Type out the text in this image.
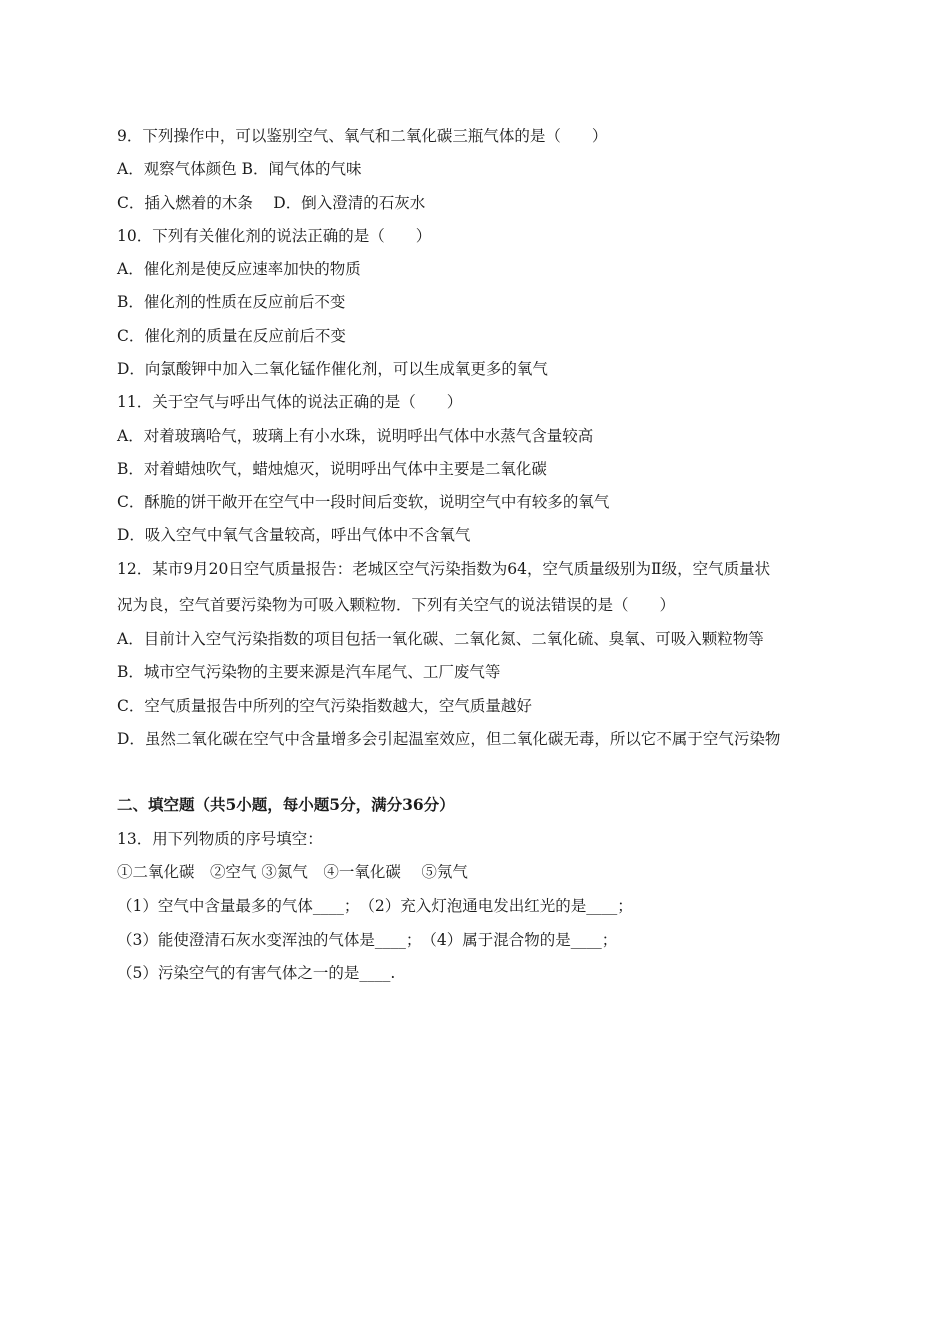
9．下列操作中，可以鉴别空气、氧气和二氧化碳三瓶气体的是（　　）
A．观察气体颜色 B．闻气体的气味
C．插入燃着的木条　 D．倒入澄清的石灰水
10．下列有关催化剂的说法正确的是（　　）
A．催化剂是使反应速率加快的物质
B．催化剂的性质在反应前后不变
C．催化剂的质量在反应前后不变
D．向氯酸钾中加入二氧化锰作催化剂，可以生成氧更多的氧气
11．关于空气与呼出气体的说法正确的是（　　）
A．对着玻璃哈气，玻璃上有小水珠，说明呼出气体中水蒸气含量较高
B．对着蜡烛吹气，蜡烛熄灭，说明呼出气体中主要是二氧化碳
C．酥脆的饼干敞开在空气中一段时间后变软，说明空气中有较多的氧气
D．吸入空气中氧气含量较高，呼出气体中不含氧气
12．某市9月20日空气质量报告：老城区空气污染指数为64，空气质量级别为Ⅱ级，空气质量状
况为良，空气首要污染物为可吸入颗粒物．下列有关空气的说法错误的是（　　）
A．目前计入空气污染指数的项目包括一氧化碳、二氧化氮、二氧化硫、臭氧、可吸入颗粒物等
B．城市空气污染物的主要来源是汽车尾气、工厂废气等
C．空气质量报告中所列的空气污染指数越大，空气质量越好
D．虽然二氧化碳在空气中含量增多会引起温室效应，但二氧化碳无毒，所以它不属于空气污染物
二、填空题（共5小题，每小题5分，满分36分）
13．用下列物质的序号填空：
①二氧化碳　②空气 ③氮气　④一氧化碳　 ⑤氖气
（1）空气中含量最多的气体____；　（2）充入灯泡通电发出红光的是____；
（3）能使澄清石灰水变浑浊的气体是____；　（4）属于混合物的是____；
（5）污染空气的有害气体之一的是____.
